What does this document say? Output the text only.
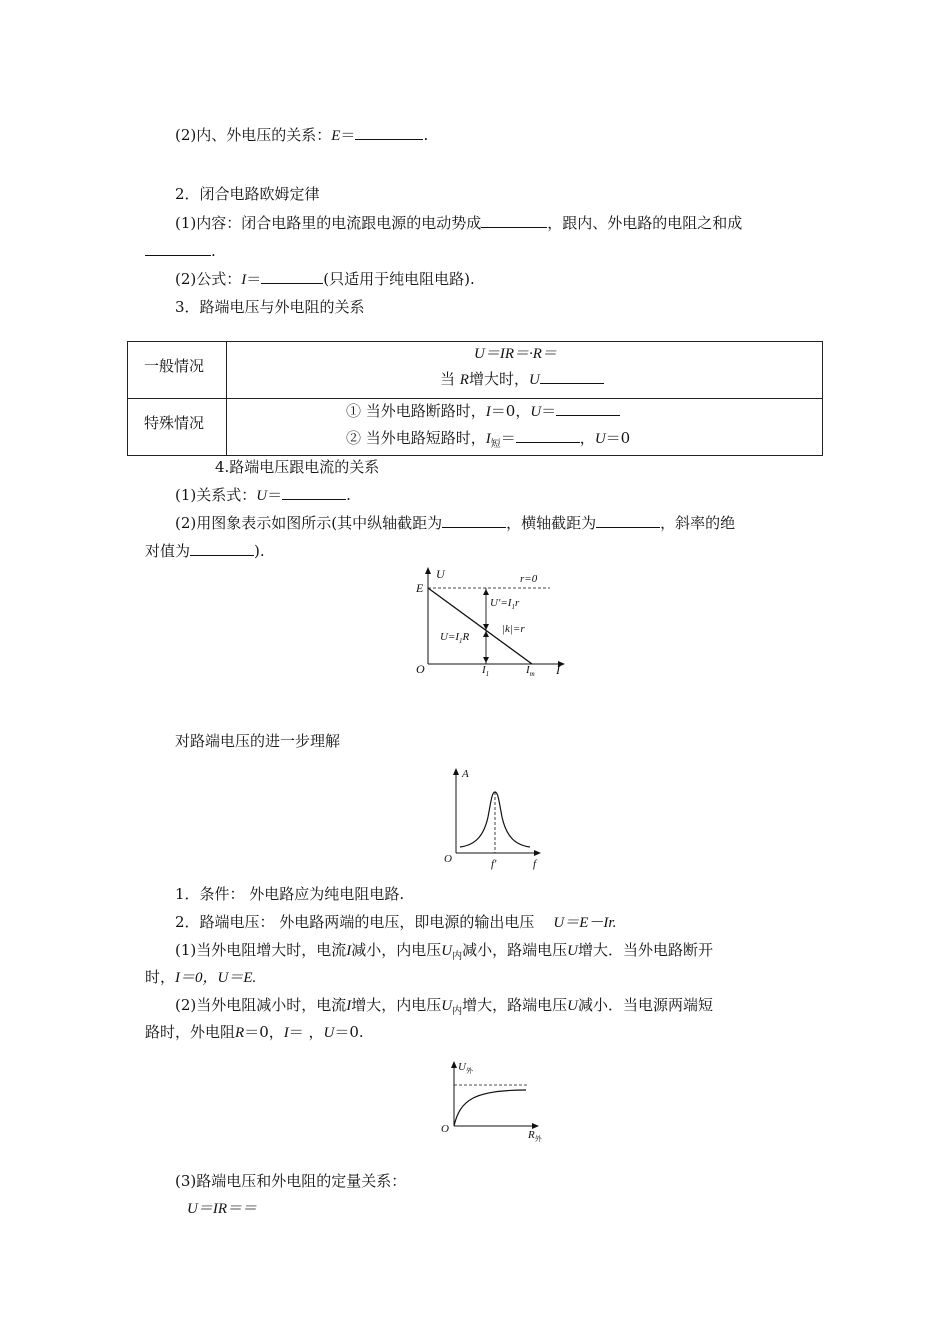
(2)内、外电压的关系：E＝	.
2．闭合电路欧姆定律
(1)内容：闭合电路里的电流跟电源的电动势成	，跟内、外电路的电阻之和成
.
(2)公式：I＝	(只适用于纯电阻电路).
3．路端电压与外电阻的关系
一般情况
U＝IR＝·R＝
当 R增大时，U
特殊情况
① 当外电路断路时，I＝0，U＝
② 当外电路短路时，$I_短=$	，U＝0
4.路端电压跟电流的关系
(1)关系式：U＝	.
(2)用图象表示如图所示(其中纵轴截距为	，横轴截距为	，斜率的绝
对值为	).
U
E
r=0
$U'=I_1r$
|k|=r
$U=I_1R$
O	$I_1$	$I_m$ I
对路端电压的进一步理解
A
O	f′	f
1．条件： 外电路应为纯电阻电路.
2．路端电压： 外电路两端的电压，即电源的输出电压 U＝E－Ir.
(1)当外电阻增大时，电流I减小，内电压$U_内$减小，路端电压U增大．当外电路断开
时，I＝0，U＝E.
(2)当外电阻减小时，电流I增大，内电压$U_内$增大，路端电压U减小．当电源两端短
路时，外电阻R＝0，I＝ ，U＝0.
$U_外$
O	$R_外$
(3)路端电压和外电阻的定量关系：
U＝IR＝＝
